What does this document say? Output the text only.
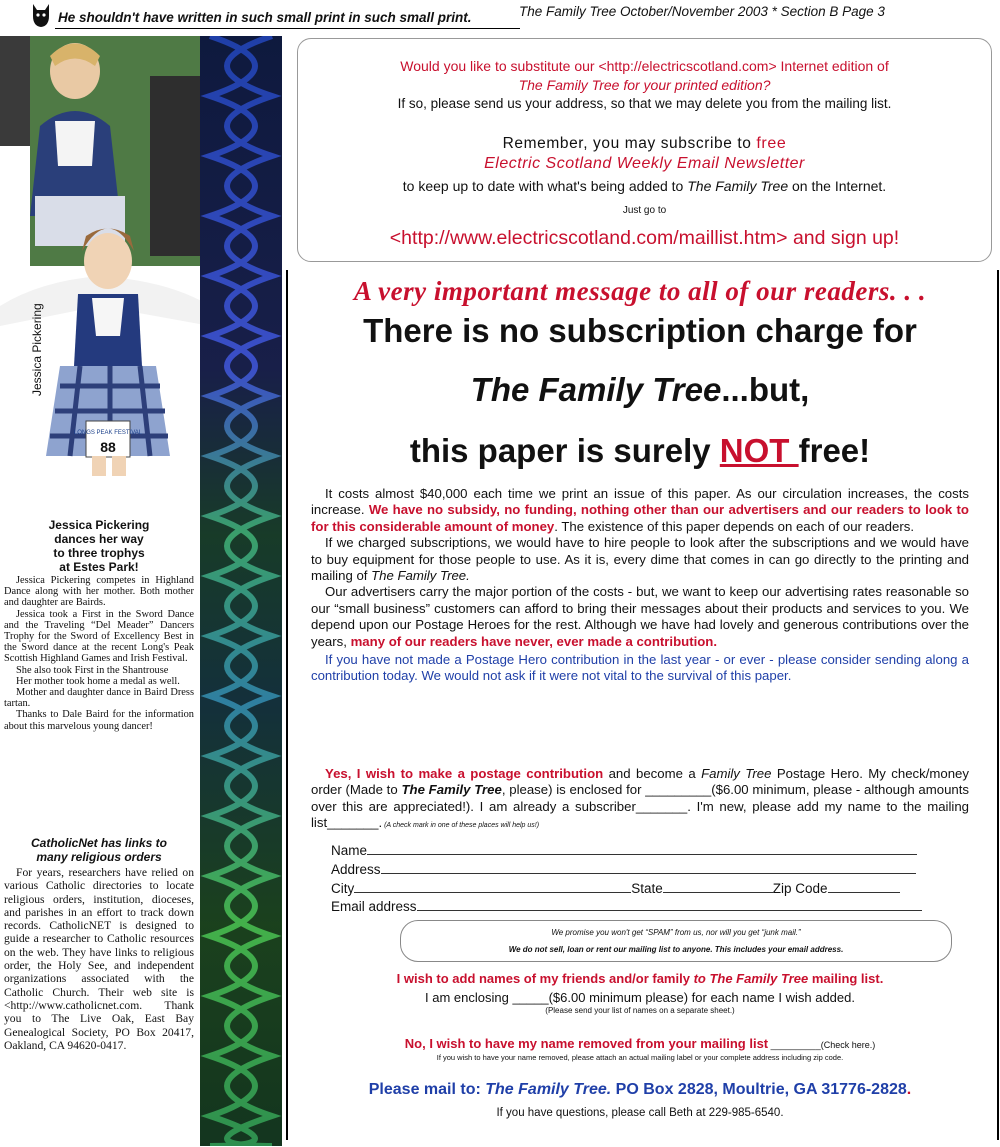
He shouldn't have written in such small print in such small print.	The Family Tree October/November 2003 * Section B Page 3
LONGS PEAK FESTIVAL
88
Jessica Pickering
Jessica Pickering
dances her way
to three trophys
at Estes Park!

Jessica Pickering competes in Highland Dance along with her mother. Both mother and daughter are Bairds.

Jessica took a First in the Sword Dance and the Traveling “Del Meader” Dancers Trophy for the Sword of Excellency Best in the Sword dance at the recent Long's Peak Scottish Highland Games and Irish Festival.

She also took First in the Shantrouse

Her mother took home a medal as well.

Mother and daughter dance in Baird Dress tartan.

Thanks to Dale Baird for the information about this marvelous young dancer!

CatholicNet has links to
many religious orders

For years, researchers have relied on various Catholic directories to locate religious orders, institution, dioceses, and parishes in an effort to track down records. CatholicNET is designed to guide a researcher to Catholic resources on the web. They have links to religious order, the Holy See, and independent organizations associated with the Catholic Church. Their web site is <http://www.catholicnet.com. Thank you to The Live Oak, East Bay Genealogical Society, PO Box 20417, Oakland, CA 94620-0417.

Would you like to substitute our <http://electricscotland.com> Internet edition of
The Family Tree for your printed edition?
If so, please send us your address, so that we may delete you from the mailing list.
Remember, you may subscribe to free
Electric Scotland Weekly Email Newsletter
to keep up to date with what's being added to The Family Tree on the Internet.
Just go to
<http://www.electricscotland.com/maillist.htm> and sign up!
A very important message to all of our readers. . .
There is no subscription charge for
The Family Tree...but,
this paper is surely NOT free!

It costs almost $40,000 each time we print an issue of this paper. As our circulation increases, the costs increase. We have no subsidy, no funding, nothing other than our advertisers and our readers to look to for this considerable amount of money. The existence of this paper depends on each of our readers.

If we charged subscriptions, we would have to hire people to look after the subscriptions and we would have to buy equipment for those people to use. As it is, every dime that comes in can go directly to the printing and mailing of The Family Tree.

Our advertisers carry the major portion of the costs - but, we want to keep our advertising rates reasonable so our “small business” customers can afford to bring their messages about their products and services to you. We depend upon our Postage Heroes for the rest. Although we have had lovely and generous contributions over the years, many of our readers have never, ever made a contribution.

If you have not made a Postage Hero contribution in the last year - or ever - please consider sending along a contribution today. We would not ask if it were not vital to the survival of this paper.

Yes, I wish to make a postage contribution and become a Family Tree Postage Hero. My check/money order (Made to The Family Tree, please) is enclosed for _________($6.00 minimum, please - although amounts over this are appreciated!). I am already a subscriber_______. I'm new, please add my name to the mailing list_______. (A check mark in one of these places will help us!)

Name
Address
City	State	Zip Code
Email address
We promise you won't get “SPAM” from us, nor will you get “junk mail.”
We do not sell, loan or rent our mailing list to anyone. This includes your email address.
I wish to add names of my friends and/or family to The Family Tree mailing list.
I am enclosing _____($6.00 minimum please) for each name I wish added.
(Please send your list of names on a separate sheet.)
No, I wish to have my name removed from your mailing list __________(Check here.)
If you wish to have your name removed, please attach an actual mailing label or your complete address including zip code.
Please mail to: The Family Tree. PO Box 2828, Moultrie, GA 31776-2828.
If you have questions, please call Beth at 229-985-6540.
